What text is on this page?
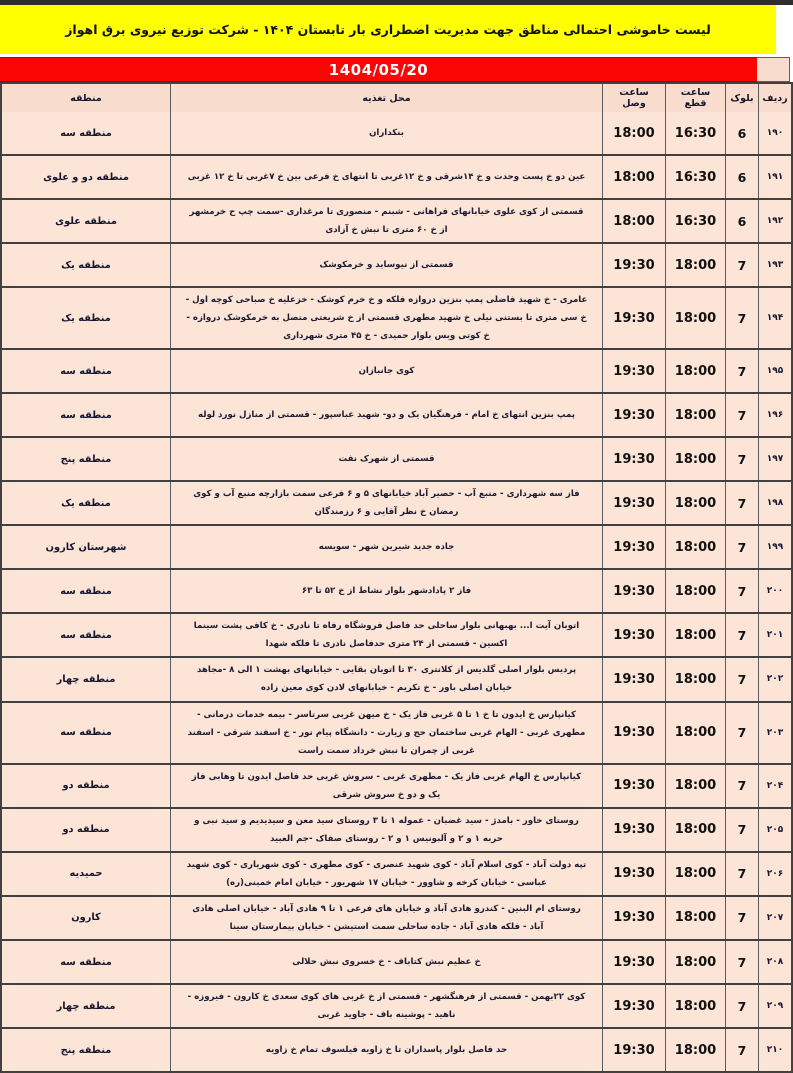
لیست خاموشی احتمالی مناطق جهت مدیریت اضطراری بار تابستان ۱۴۰۴ - شرکت توزیع نیروی برق اهواز
1404/05/20
ردیف
بلوک
ساعت قطع
ساعت وصل
محل تغذیه
منطقه
۱۹۰
6
16:30
18:00
بنکداران
منطقه سه
۱۹۱
6
16:30
18:00
عین دو خ پست وحدت و خ ۱۴شرقی و خ ۱۲غربی تا انتهای خ فرعی بین خ ۷غربی تا خ ۱۲ غربی
منطقه دو و علوی
۱۹۲
6
16:30
18:00
قسمتی از کوی علوی خیابانهای فراهانی - شبنم - منصوری تا مرغداری -سمت چپ ح خرمشهر از خ ۶۰ متری تا نبش خ آزادی
منطقه علوی
۱۹۳
7
18:00
19:30
قسمتی از نیوساید و خرمکوشک
منطقه یک
۱۹۴
7
18:00
19:30
عامری - خ شهید فاضلی پمپ بنزین دروازه فلکه و خ خرم کوشک - خزعلیه خ صباحی کوچه اول - خ سی متری تا بستنی نیلی خ شهید مطهری قسمتی از خ شریعتی متصل به خرمکوشک دروازه - خ کوتی وبس بلوار حمیدی - خ ۴۵ متری شهرداری
منطقه یک
۱۹۵
7
18:00
19:30
کوی جانبازان
منطقه سه
۱۹۶
7
18:00
19:30
پمپ بنزین انتهای خ امام - فرهنگیان یک و دو- شهید عباسپور - قسمتی از منازل نورد لوله
منطقه سه
۱۹۷
7
18:00
19:30
قسمتی از شهرک نفت
منطقه پنج
۱۹۸
7
18:00
19:30
فاز سه شهرداری - منبع آب - حصیر آباد خیابانهای ۵ و ۶ فرعی سمت بازارچه منبع آب و کوی رمضان خ نظر آقایی و ۶ رزمندگان
منطقه یک
۱۹۹
7
18:00
19:30
جاده جدید شیرین شهر - سویسه
شهرستان کارون
۲۰۰
7
18:00
19:30
فاز ۲ پادادشهر بلوار نشاط از خ ۵۲ تا ۶۳
منطقه سه
۲۰۱
7
18:00
19:30
اتوبان آیت ا... بهبهانی بلوار ساحلی حد فاصل فروشگاه رفاه تا نادری - خ کافی پشت سینما اکسین - قسمتی از ۲۴ متری حدفاصل نادری تا فلکه شهدا
منطقه سه
۲۰۲
7
18:00
19:30
پردیس بلوار اصلی گلدیس از کلانتری ۳۰ تا اتوبان بقایی - خیابانهای بهشت ۱ الی ۸ -مجاهد خیابان اصلی باور - خ تکریم - خیابانهای لادن کوی معین زاده
منطقه چهار
۲۰۳
7
18:00
19:30
کیانپارس خ ایدون تا خ ۱ تا ۵ غربی فاز یک - خ میهن غربی سرتاسر - بیمه خدمات درمانی - مطهری غربی - الهام غربی ساختمان حج و زیارت - دانشگاه پیام نور - خ اسفند شرقی - اسفند غربی از چمران تا نبش خرداد سمت راست
منطقه سه
۲۰۴
7
18:00
19:30
کیانپارس خ الهام غربی فاز یک - مطهری غربی - سروش غربی حد فاصل ایدون تا وهابی فاز یک و دو خ سروش شرقی
منطقه دو
۲۰۵
7
18:00
19:30
روستای خاور - بامدژ - سید غضبان - عموله ۱ تا ۳ روستای سید معن و سیدیدیم و سید نبی و حربه ۱ و ۲ و آلبونیس ۱ و ۲ - روستای صفاک -جم العبید
منطقه دو
۲۰۶
7
18:00
19:30
تپه دولت آباد - کوی اسلام آباد - کوی شهید عنصری - کوی مطهری - کوی شهریاری - کوی شهید عباسی - خیابان کرخه و شاوور - خیابان ۱۷ شهریور - خیابان امام خمینی(ره)
حمیدیه
۲۰۷
7
18:00
19:30
روستای ام البنین - کندرو هادی آباد و خیابان های فرعی ۱ تا ۹ هادی آباد - خیابان اصلی هادی آباد - فلکه هادی آباد - جاده ساحلی سمت استیشن - خیابان بیمارستان سینا
کارون
۲۰۸
7
18:00
19:30
خ عظیم نبش کتاباف - خ خسروی نبش حلالی
منطقه سه
۲۰۹
7
18:00
19:30
کوی ۲۲بهمن - قسمتی از فرهنگشهر - قسمتی از خ غربی های کوی سعدی خ کارون - فیروزه - ناهید - پوشینه باف - جاوید غربی
منطقه چهار
۲۱۰
7
18:00
19:30
حد فاصل بلوار پاسداران تا خ زاویه فیلسوف تمام خ زاویه
منطقه پنج
